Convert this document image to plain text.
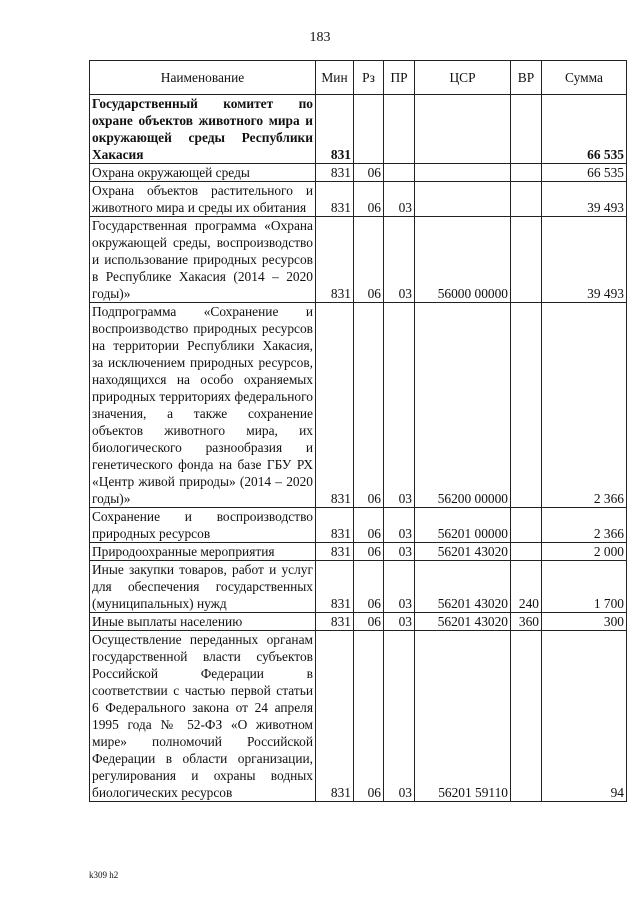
183
Наименование	Мин	Рз	ПР	ЦСР	ВР	Сумма
Государственный комитет по охране объектов животного мира и окружающей среды Республики Хакасия	831					66 535
Охрана окружающей среды	831	06				66 535
Охрана объектов растительного и животного мира и среды их обитания	831	06	03			39 493
Государственная программа «Охрана окружающей среды, воспроизводство и использование природных ресурсов в Республике Хакасия (2014 – 2020 годы)»	831	06	03	56000 00000		39 493
Подпрограмма «Сохранение и воспроизводство природных ресурсов на территории Республики Хакасия, за исключением природных ресурсов, находящихся на особо охраняемых природных территориях федерального значения, а также сохранение объектов животного мира, их биологического разнообразия и генетического фонда на базе ГБУ РХ «Центр живой природы» (2014 – 2020 годы)»	831	06	03	56200 00000		2 366
Сохранение и воспроизводство природных ресурсов	831	06	03	56201 00000		2 366
Природоохранные мероприятия	831	06	03	56201 43020		2 000
Иные закупки товаров, работ и услуг для обеспечения государственных (муниципальных) нужд	831	06	03	56201 43020	240	1 700
Иные выплаты населению	831	06	03	56201 43020	360	300
Осуществление переданных органам государственной власти субъектов Российской Федерации в соответствии с частью первой статьи 6 Федерального закона от 24 апреля 1995 года № 52-ФЗ «О животном мире» полномочий Российской Федерации в области организации, регулирования и охраны водных биологических ресурсов	831	06	03	56201 59110		94
k309 h2
